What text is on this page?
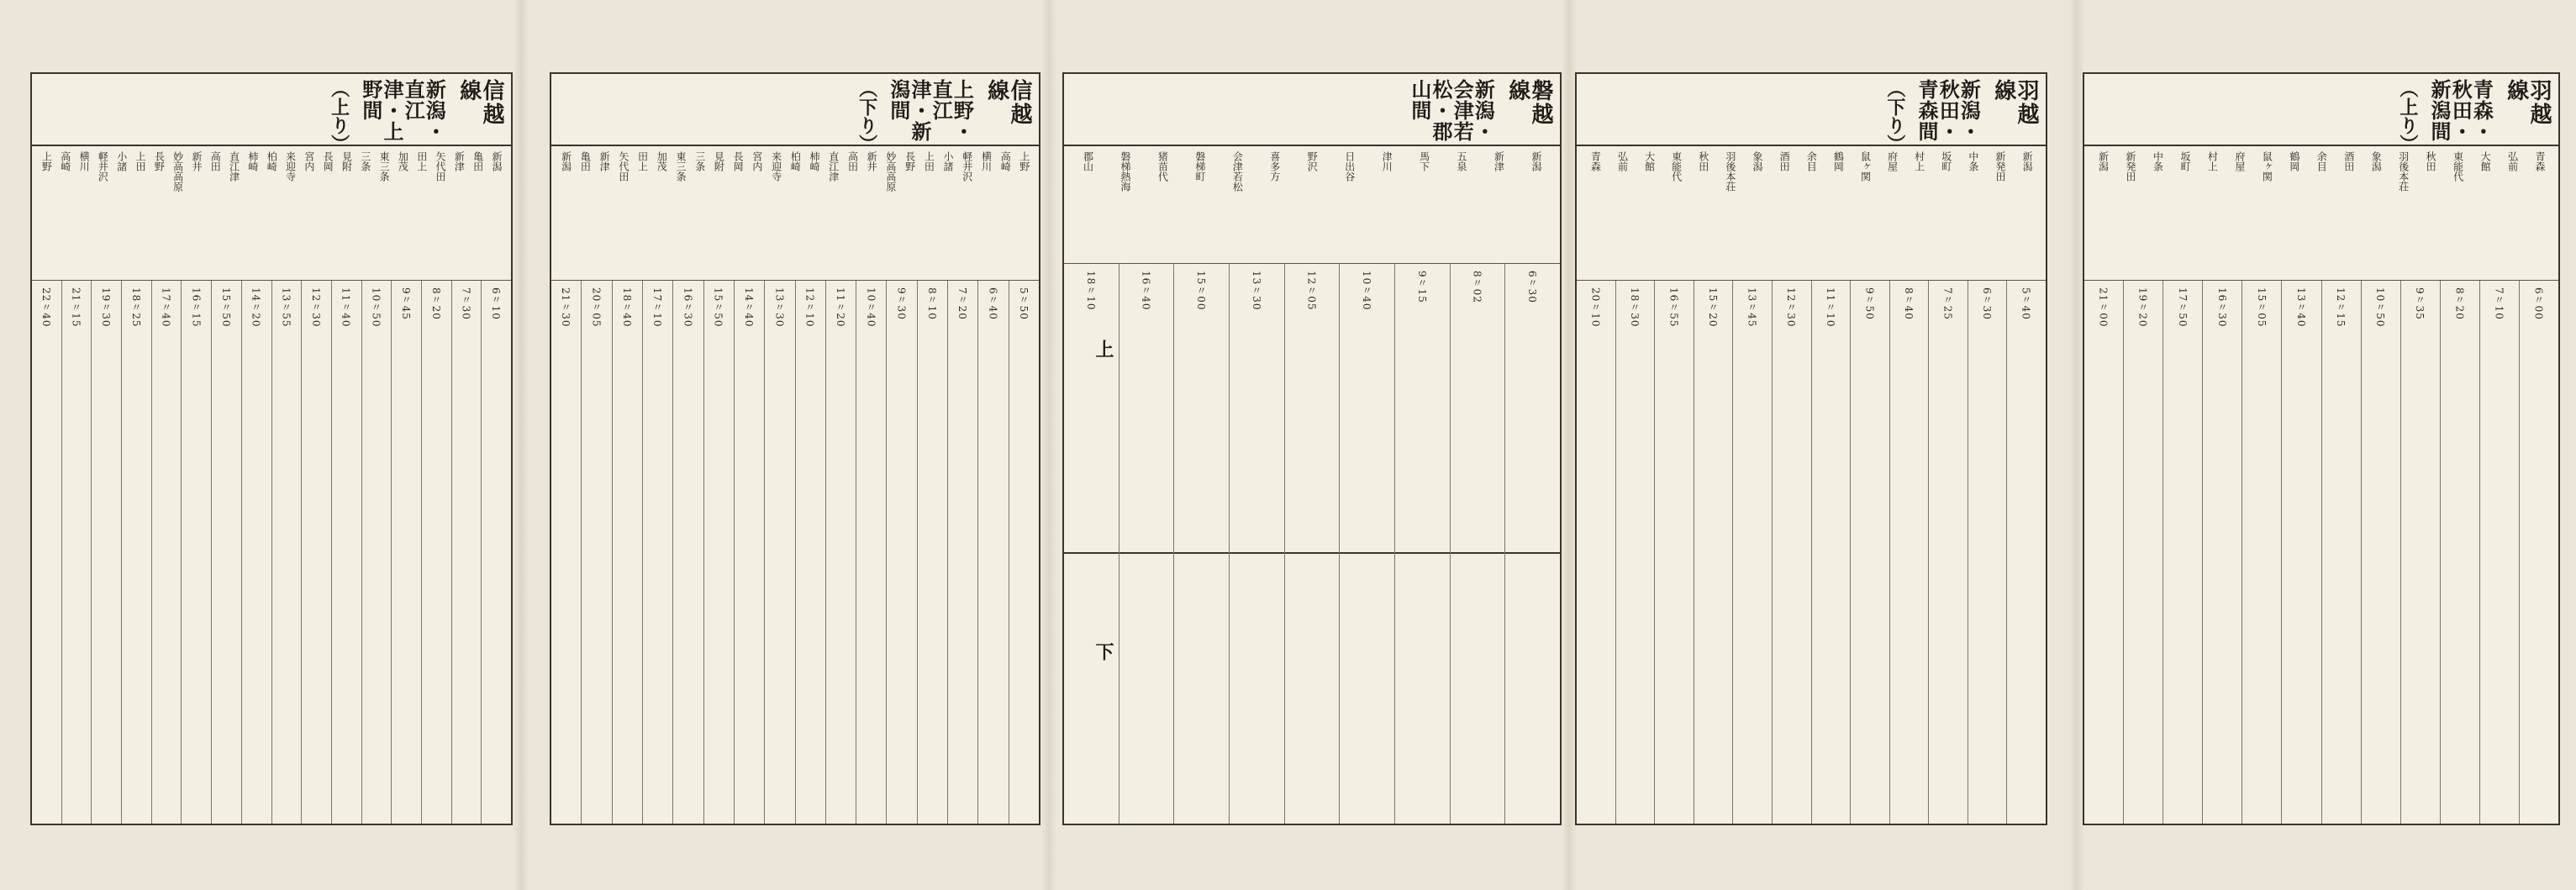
信越線
新潟・直江津・上野間
（上り）
新潟
亀田
新津
矢代田
田上
加茂
東三条
三条
見附
長岡
宮内
来迎寺
柏崎
柿崎
直江津
高田
新井
妙高高原
長野
上田
小諸
軽井沢
横川
高崎
上野
6〃10
7〃30
8〃20
9〃45
10〃50
11〃40
12〃30
13〃55
14〃20
15〃50
16〃15
17〃40
18〃25
19〃30
21〃15
22〃40
信越線
上野・直江津・新潟間
（下り）
上野
高崎
横川
軽井沢
小諸
上田
長野
妙高高原
新井
高田
直江津
柿崎
柏崎
来迎寺
宮内
長岡
見附
三条
東三条
加茂
田上
矢代田
新津
亀田
新潟
5〃50
6〃40
7〃20
8〃10
9〃30
10〃40
11〃20
12〃10
13〃30
14〃40
15〃50
16〃30
17〃10
18〃40
20〃05
21〃30
磐越線
新潟・会津若松・郡山間
新潟
新津
五泉
馬下
津川
日出谷
野沢
喜多方
会津若松
磐梯町
猪苗代
磐梯熱海
郡山
上
下
6〃30
8〃02
9〃15
10〃40
12〃05
13〃30
15〃00
16〃40
18〃10
羽越線
新潟・秋田・青森間
（下り）
新潟
新発田
中条
坂町
村上
府屋
鼠ヶ関
鶴岡
余目
酒田
象潟
羽後本荘
秋田
東能代
大館
弘前
青森
5〃40
6〃30
7〃25
8〃40
9〃50
11〃10
12〃30
13〃45
15〃20
16〃55
18〃30
20〃10
羽越線
青森・秋田・新潟間
（上り）
青森
弘前
大館
東能代
秋田
羽後本荘
象潟
酒田
余目
鶴岡
鼠ヶ関
府屋
村上
坂町
中条
新発田
新潟
6〃00
7〃10
8〃20
9〃35
10〃50
12〃15
13〃40
15〃05
16〃30
17〃50
19〃20
21〃00
